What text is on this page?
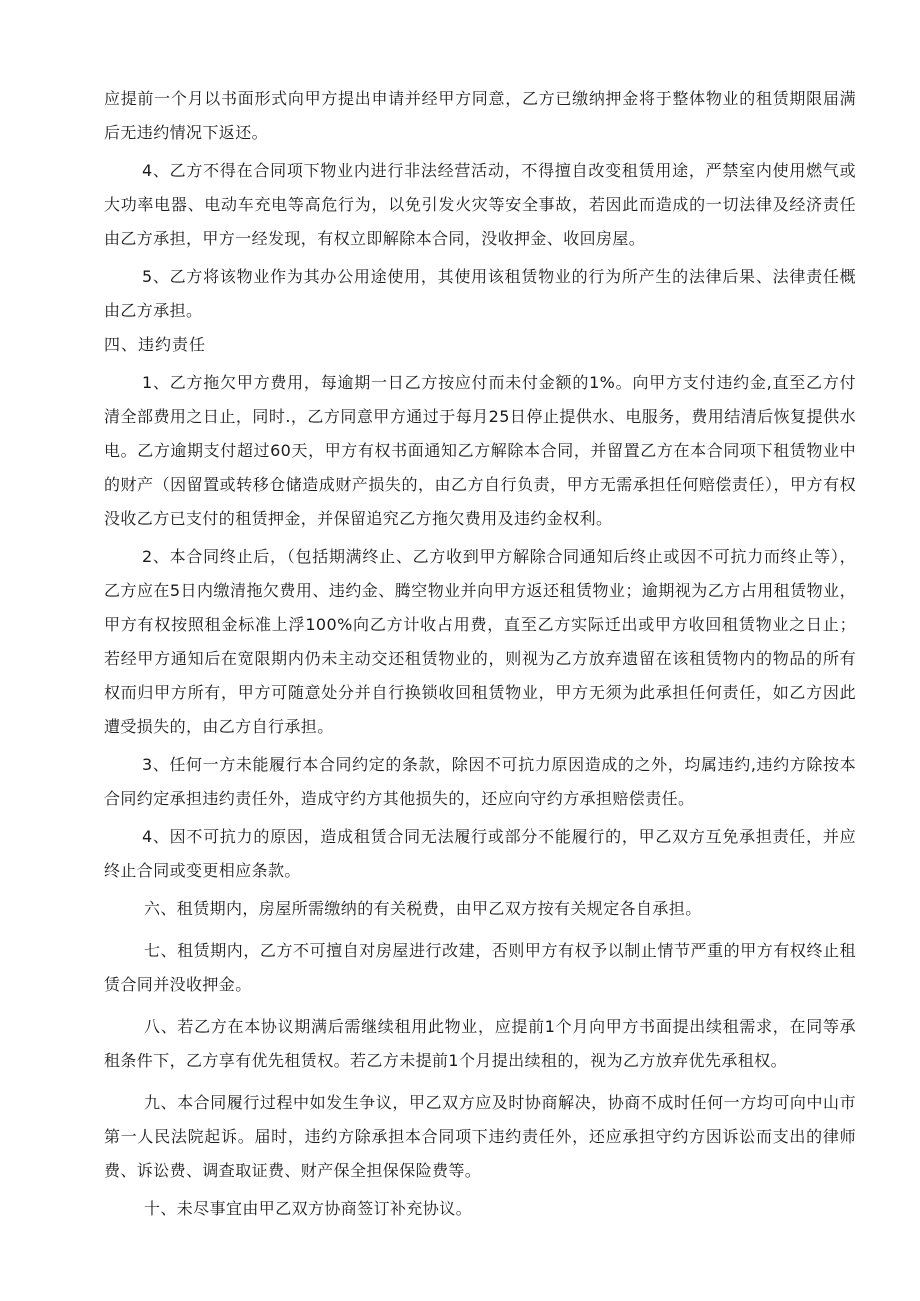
应提前一个月以书面形式向甲方提出申请并经甲方同意，乙方已缴纳押金将于整体物业的租赁期限届满后无违约情况下返还。

4、乙方不得在合同项下物业内进行非法经营活动，不得擅自改变租赁用途，严禁室内使用燃气或大功率电器、电动车充电等高危行为，以免引发火灾等安全事故，若因此而造成的一切法律及经济责任由乙方承担，甲方一经发现，有权立即解除本合同，没收押金、收回房屋。

5、乙方将该物业作为其办公用途使用，其使用该租赁物业的行为所产生的法律后果、法律责任概由乙方承担。

四、违约责任

1、乙方拖欠甲方费用，每逾期一日乙方按应付而未付金额的1%。向甲方支付违约金,直至乙方付清全部费用之日止，同时.，乙方同意甲方通过于每月25日停止提供水、电服务，费用结清后恢复提供水电。乙方逾期支付超过60天，甲方有权书面通知乙方解除本合同，并留置乙方在本合同项下租赁物业中的财产（因留置或转移仓储造成财产损失的，由乙方自行负责，甲方无需承担任何赔偿责任），甲方有权没收乙方已支付的租赁押金，并保留追究乙方拖欠费用及违约金权利。

2、本合同终止后，（包括期满终止、乙方收到甲方解除合同通知后终止或因不可抗力而终止等），乙方应在5日内缴清拖欠费用、违约金、腾空物业并向甲方返还租赁物业；逾期视为乙方占用租赁物业，甲方有权按照租金标准上浮100%向乙方计收占用费，直至乙方实际迁出或甲方收回租赁物业之日止；若经甲方通知后在宽限期内仍未主动交还租赁物业的，则视为乙方放弃遗留在该租赁物内的物品的所有权而归甲方所有，甲方可随意处分并自行换锁收回租赁物业，甲方无须为此承担任何责任，如乙方因此遭受损失的，由乙方自行承担。

3、任何一方未能履行本合同约定的条款，除因不可抗力原因造成的之外，均属违约,违约方除按本合同约定承担违约责任外，造成守约方其他损失的，还应向守约方承担赔偿责任。

4、因不可抗力的原因，造成租赁合同无法履行或部分不能履行的，甲乙双方互免承担责任，并应终止合同或变更相应条款。

六、租赁期内，房屋所需缴纳的有关税费，由甲乙双方按有关规定各自承担。

七、租赁期内，乙方不可擅自对房屋进行改建，否则甲方有权予以制止情节严重的甲方有权终止租赁合同并没收押金。

八、若乙方在本协议期满后需继续租用此物业，应提前1个月向甲方书面提出续租需求，在同等承租条件下，乙方享有优先租赁权。若乙方未提前1个月提出续租的，视为乙方放弃优先承租权。

九、本合同履行过程中如发生争议，甲乙双方应及时协商解决，协商不成时任何一方均可向中山市第一人民法院起诉。届时，违约方除承担本合同项下违约责任外，还应承担守约方因诉讼而支出的律师费、诉讼费、调查取证费、财产保全担保保险费等。

十、未尽事宜由甲乙双方协商签订补充协议。
